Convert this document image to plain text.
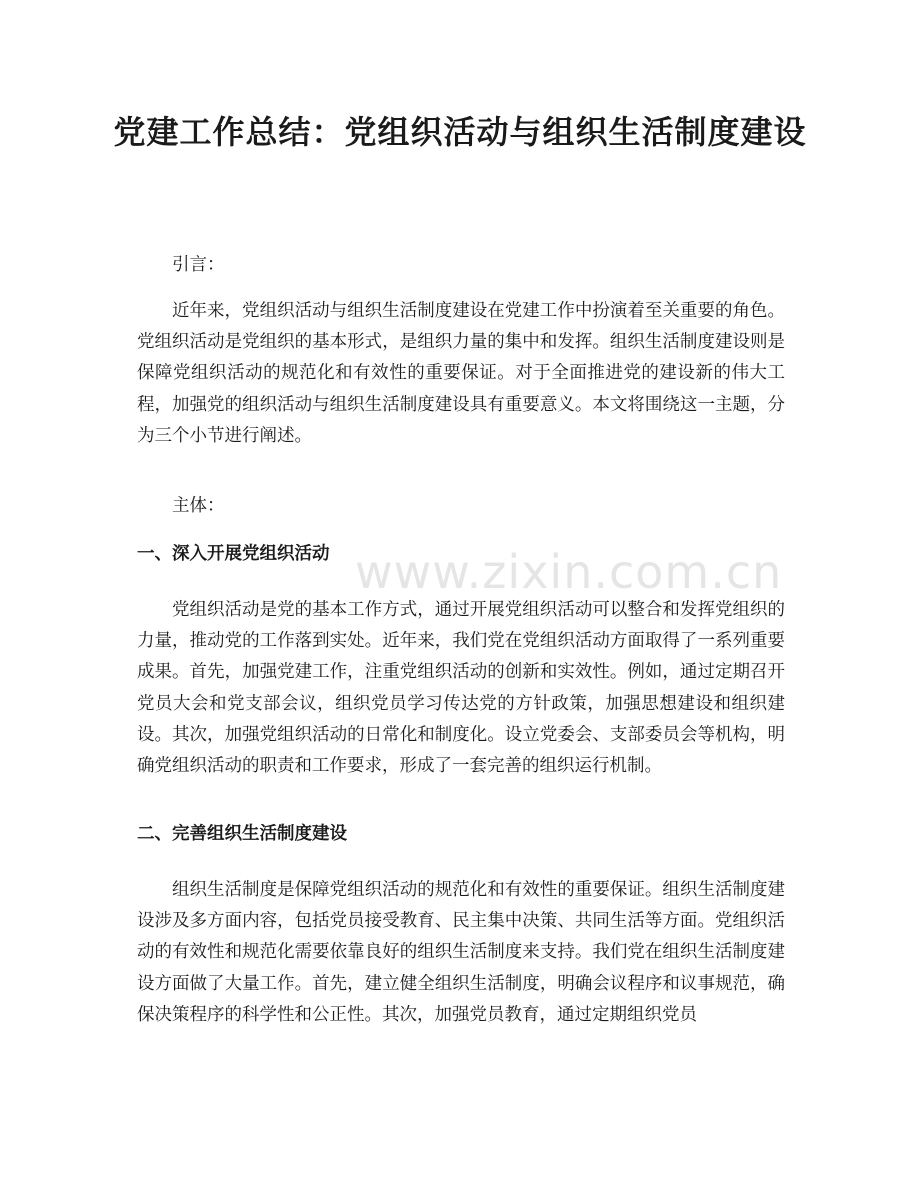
党建工作总结：党组织活动与组织生活制度建设

引言：

近年来，党组织活动与组织生活制度建设在党建工作中扮演着至关重要的角色。党组织活动是党组织的基本形式，是组织力量的集中和发挥。组织生活制度建设则是保障党组织活动的规范化和有效性的重要保证。对于全面推进党的建设新的伟大工程，加强党的组织活动与组织生活制度建设具有重要意义。本文将围绕这一主题，分为三个小节进行阐述。

主体：

一、深入开展党组织活动

党组织活动是党的基本工作方式，通过开展党组织活动可以整合和发挥党组织的力量，推动党的工作落到实处。近年来，我们党在党组织活动方面取得了一系列重要成果。首先，加强党建工作，注重党组织活动的创新和实效性。例如，通过定期召开党员大会和党支部会议，组织党员学习传达党的方针政策，加强思想建设和组织建设。其次，加强党组织活动的日常化和制度化。设立党委会、支部委员会等机构，明确党组织活动的职责和工作要求，形成了一套完善的组织运行机制。

二、完善组织生活制度建设

组织生活制度是保障党组织活动的规范化和有效性的重要保证。组织生活制度建设涉及多方面内容，包括党员接受教育、民主集中决策、共同生活等方面。党组织活动的有效性和规范化需要依靠良好的组织生活制度来支持。我们党在组织生活制度建设方面做了大量工作。首先，建立健全组织生活制度，明确会议程序和议事规范，确保决策程序的科学性和公正性。其次，加强党员教育，通过定期组织党员

www.zixin.com.cn
